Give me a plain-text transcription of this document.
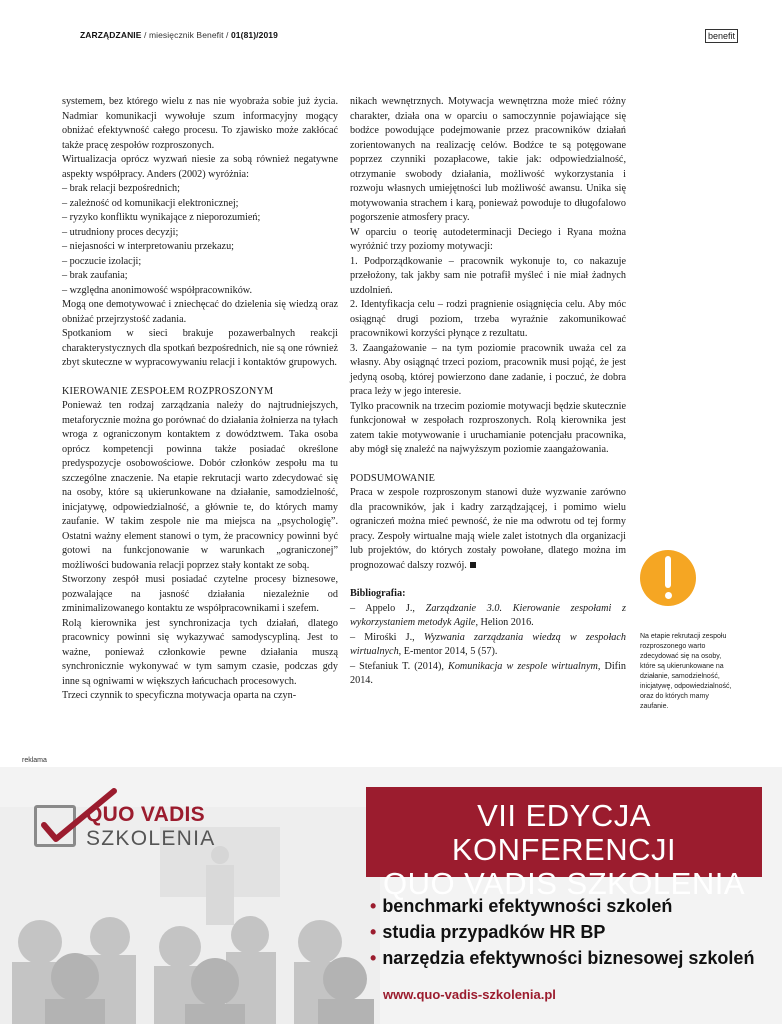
ZARZĄDZANIE / miesięcznik Benefit / 01(81)/2019	benefit

systemem, bez którego wielu z nas nie wyobraża sobie już życia. Nadmiar komunikacji wywołuje szum informacyjny mogący obniżać efektywność całego procesu. To zjawisko może zakłócać także pracę zespołów rozproszonych.

Wirtualizacja oprócz wyzwań niesie za sobą również negatywne aspekty współpracy. Anders (2002) wyróżnia:

– brak relacji bezpośrednich;

– zależność od komunikacji elektronicznej;

– ryzyko konfliktu wynikające z nieporozumień;

– utrudniony proces decyzji;

– niejasności w interpretowaniu przekazu;

– poczucie izolacji;

– brak zaufania;

– względna anonimowość współpracowników.

Mogą one demotywować i zniechęcać do dzielenia się wiedzą oraz obniżać przejrzystość zadania.

Spotkaniom w sieci brakuje pozawerbalnych reakcji charakterystycznych dla spotkań bezpośrednich, nie są one również zbyt skuteczne w wypracowywaniu relacji i kontaktów grupowych.

KIEROWANIE ZESPOŁEM ROZPROSZONYM

Ponieważ ten rodzaj zarządzania należy do najtrudniejszych, metaforycznie można go porównać do działania żołnierza na tyłach wroga z ograniczonym kontaktem z dowództwem. Taka osoba oprócz kompetencji powinna także posiadać określone predyspozycje osobowościowe. Dobór członków zespołu ma tu szczególne znaczenie. Na etapie rekrutacji warto zdecydować się na osoby, które są ukierunkowane na działanie, samodzielność, inicjatywę, odpowiedzialność, a głównie te, do których mamy zaufanie. W takim zespole nie ma miejsca na „psychologię”. Ostatni ważny element stanowi o tym, że pracownicy powinni być gotowi na funkcjonowanie w warunkach „ograniczonej” możliwości budowania relacji poprzez stały kontakt ze sobą.

Stworzony zespół musi posiadać czytelne procesy biznesowe, pozwalające na jasność działania niezależnie od zminimalizowanego kontaktu ze współpracownikami i szefem.

Rolą kierownika jest synchronizacja tych działań, dlatego pracownicy powinni się wykazywać samodyscypliną. Jest to ważne, ponieważ członkowie pewne działania muszą synchronicznie wykonywać w tym samym czasie, podczas gdy inne są ogniwami w większych łańcuchach procesowych.

Trzeci czynnik to specyficzna motywacja oparta na czyn-

nikach wewnętrznych. Motywacja wewnętrzna może mieć różny charakter, działa ona w oparciu o samoczynnie pojawiające się bodźce powodujące podejmowanie przez pracowników działań zorientowanych na realizację celów. Bodźce te są potęgowane poprzez czynniki pozapłacowe, takie jak: odpowiedzialność, otrzymanie swobody działania, możliwość wykorzystania i rozwoju własnych umiejętności lub możliwość awansu. Unika się motywowania strachem i karą, ponieważ powoduje to długofalowo pogorszenie atmosfery pracy.

W oparciu o teorię autodeterminacji Deciego i Ryana można wyróżnić trzy poziomy motywacji:

1. Podporządkowanie – pracownik wykonuje to, co nakazuje przełożony, tak jakby sam nie potrafił myśleć i nie miał żadnych uzdolnień.

2. Identyfikacja celu – rodzi pragnienie osiągnięcia celu. Aby móc osiągnąć drugi poziom, trzeba wyraźnie zakomunikować pracownikowi korzyści płynące z rezultatu.

3. Zaangażowanie – na tym poziomie pracownik uważa cel za własny. Aby osiągnąć trzeci poziom, pracownik musi pojąć, że jest jedyną osobą, której powierzono dane zadanie, i poczuć, że dobra praca leży w jego interesie.

Tylko pracownik na trzecim poziomie motywacji będzie skutecznie funkcjonował w zespołach rozproszonych. Rolą kierownika jest zatem takie motywowanie i uruchamianie potencjału pracownika, aby mógł się znaleźć na najwyższym poziomie zaangażowania.

PODSUMOWANIE

Praca w zespole rozproszonym stanowi duże wyzwanie zarówno dla pracowników, jak i kadry zarządzającej, i pomimo wielu ograniczeń można mieć pewność, że nie ma odwrotu od tej formy pracy. Zespoły wirtualne mają wiele zalet istotnych dla organizacji lub projektów, do których zostały powołane, dlatego można im prognozować dalszy rozwój.

Bibliografia:

– Appelo J., Zarządzanie 3.0. Kierowanie zespołami z wykorzystaniem metodyk Agile, Helion 2016.

– Mirośki J., Wyzwania zarządzania wiedzą w zespołach wirtualnych, E-mentor 2014, 5 (57).

– Stefaniuk T. (2014), Komunikacja w zespole wirtualnym, Difin 2014.

Na etapie rekrutacji zespołu rozproszonego warto zdecydować się na osoby, które są ukierunkowane na działanie, samodzielność, inicjatywę, odpowiedzialność, oraz do których mamy zaufanie.
reklama
QUO VADIS
SZKOLENIA
VII EDYCJA KONFERENCJI
QUO VADIS SZKOLENIA
• benchmarki efektywności szkoleń
• studia przypadków HR BP
• narzędzia efektywności biznesowej szkoleń
www.quo-vadis-szkolenia.pl
